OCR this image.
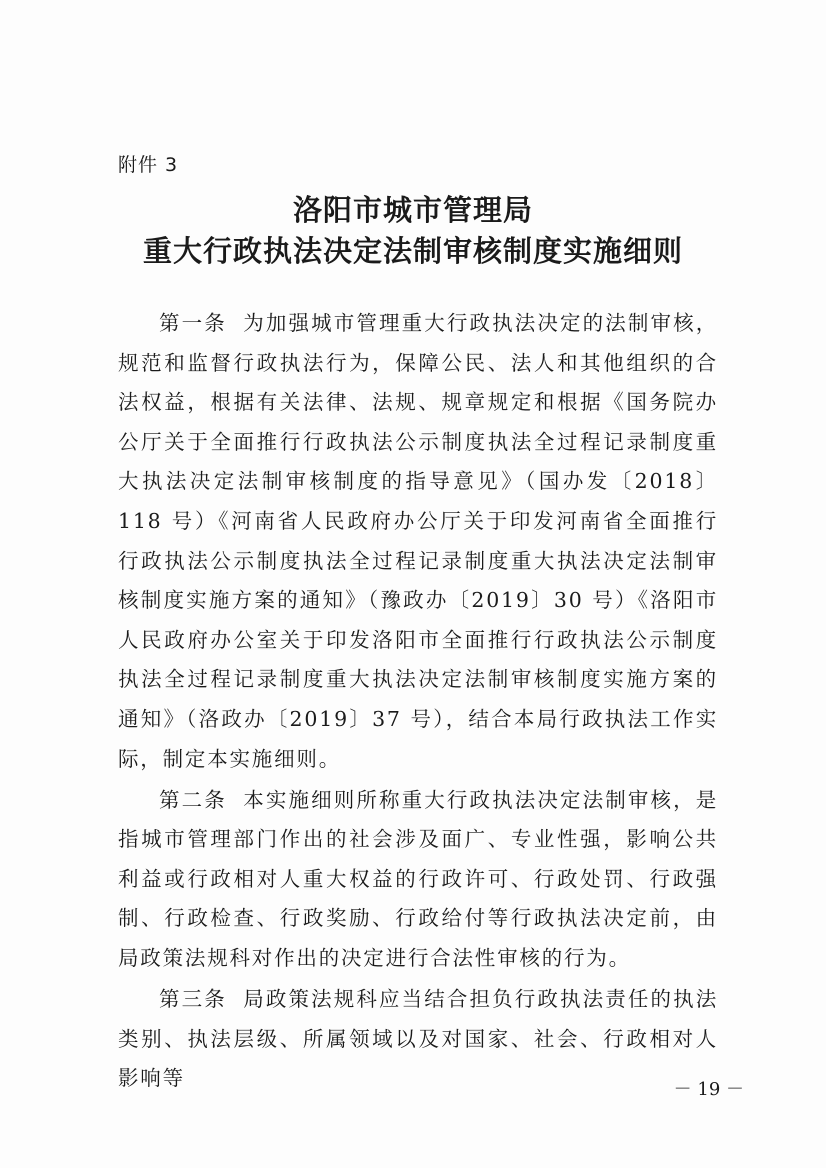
附件 3
洛阳市城市管理局
重大行政执法决定法制审核制度实施细则

第一条 为加强城市管理重大行政执法决定的法制审核，规范和监督行政执法行为，保障公民、法人和其他组织的合法权益，根据有关法律、法规、规章规定和根据《国务院办公厅关于全面推行行政执法公示制度执法全过程记录制度重大执法决定法制审核制度的指导意见》（国办发〔2018〕118 号）《河南省人民政府办公厅关于印发河南省全面推行行政执法公示制度执法全过程记录制度重大执法决定法制审核制度实施方案的通知》（豫政办〔2019〕30 号）《洛阳市人民政府办公室关于印发洛阳市全面推行行政执法公示制度执法全过程记录制度重大执法决定法制审核制度实施方案的通知》（洛政办〔2019〕37 号），结合本局行政执法工作实际，制定本实施细则。

第二条 本实施细则所称重大行政执法决定法制审核，是指城市管理部门作出的社会涉及面广、专业性强，影响公共利益或行政相对人重大权益的行政许可、行政处罚、行政强制、行政检查、行政奖励、行政给付等行政执法决定前，由局政策法规科对作出的决定进行合法性审核的行为。

第三条 局政策法规科应当结合担负行政执法责任的执法类别、执法层级、所属领域以及对国家、社会、行政相对人影响等	－ 19 －
